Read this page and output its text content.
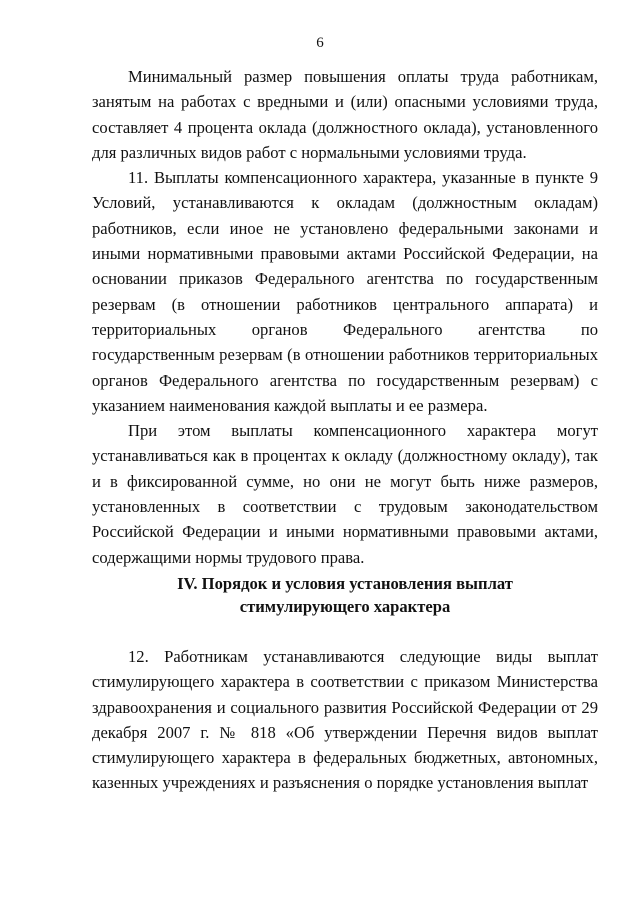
6

Минимальный размер повышения оплаты труда работникам, занятым на работах с вредными и (или) опасными условиями труда, составляет 4 процента оклада (должностного оклада), установленного для различных видов работ с нормальными условиями труда.

11. Выплаты компенсационного характера, указанные в пункте 9 Условий, устанавливаются к окладам (должностным окладам) работников, если иное не установлено федеральными законами и иными нормативными правовыми актами Российской Федерации, на основании приказов Федерального агентства по государственным резервам (в отношении работников центрального аппарата) и территориальных органов Федерального агентства по государственным резервам (в отношении работников территориальных органов Федерального агентства по государственным резервам) с указанием наименования каждой выплаты и ее размера.

При этом выплаты компенсационного характера могут устанавливаться как в процентах к окладу (должностному окладу), так и в фиксированной сумме, но они не могут быть ниже размеров, установленных в соответствии с трудовым законодательством Российской Федерации и иными нормативными правовыми актами, содержащими нормы трудового права.

IV. Порядок и условия установления выплат
стимулирующего характера

12. Работникам устанавливаются следующие виды выплат стимулирующего характера в соответствии с приказом Министерства здравоохранения и социального развития Российской Федерации от 29 декабря 2007 г. № 818 «Об утверждении Перечня видов выплат стимулирующего характера в федеральных бюджетных, автономных, казенных учреждениях и разъяснения о порядке установления выплат
